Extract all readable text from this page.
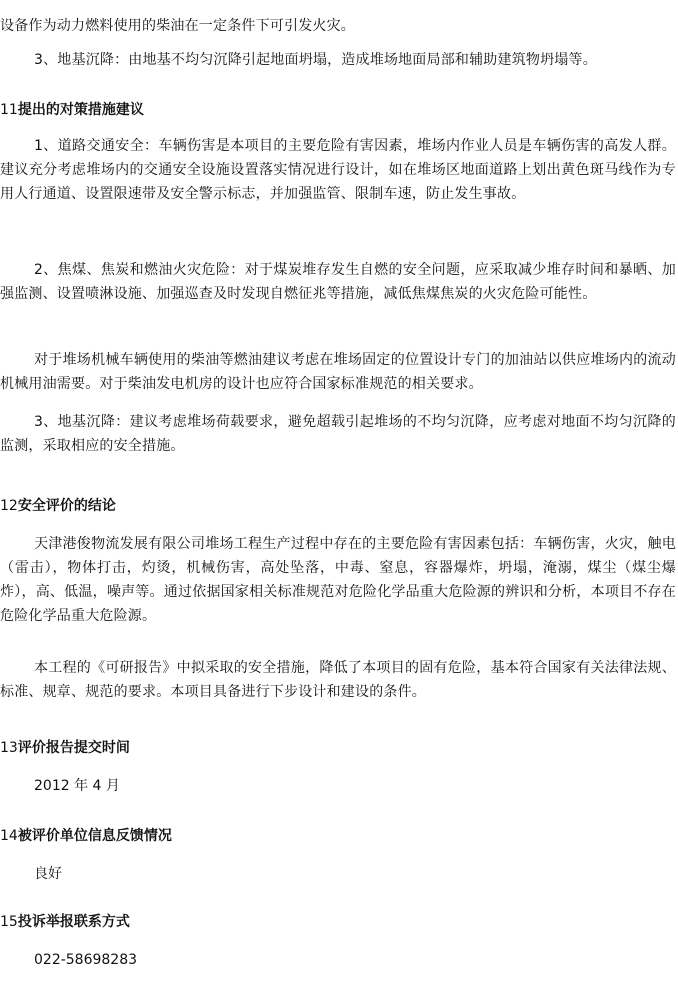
设备作为动力燃料使用的柴油在一定条件下可引发火灾。

3、地基沉降：由地基不均匀沉降引起地面坍塌，造成堆场地面局部和辅助建筑物坍塌等。

11提出的对策措施建议

1、道路交通安全：车辆伤害是本项目的主要危险有害因素，堆场内作业人员是车辆伤害的高发人群。建议充分考虑堆场内的交通安全设施设置落实情况进行设计，如在堆场区地面道路上划出黄色斑马线作为专用人行通道、设置限速带及安全警示标志，并加强监管、限制车速，防止发生事故。

2、焦煤、焦炭和燃油火灾危险：对于煤炭堆存发生自燃的安全问题，应采取减少堆存时间和暴晒、加强监测、设置喷淋设施、加强巡查及时发现自燃征兆等措施，减低焦煤焦炭的火灾危险可能性。

对于堆场机械车辆使用的柴油等燃油建议考虑在堆场固定的位置设计专门的加油站以供应堆场内的流动机械用油需要。对于柴油发电机房的设计也应符合国家标准规范的相关要求。

3、地基沉降：建议考虑堆场荷载要求，避免超载引起堆场的不均匀沉降，应考虑对地面不均匀沉降的监测，采取相应的安全措施。

12安全评价的结论

天津港俊物流发展有限公司堆场工程生产过程中存在的主要危险有害因素包括：车辆伤害，火灾，触电（雷击），物体打击，灼烫，机械伤害，高处坠落，中毒、窒息，容器爆炸，坍塌，淹溺，煤尘（煤尘爆炸），高、低温，噪声等。通过依据国家相关标准规范对危险化学品重大危险源的辨识和分析，本项目不存在危险化学品重大危险源。

本工程的《可研报告》中拟采取的安全措施，降低了本项目的固有危险，基本符合国家有关法律法规、标准、规章、规范的要求。本项目具备进行下步设计和建设的条件。

13评价报告提交时间

2012 年 4 月

14被评价单位信息反馈情况

良好

15投诉举报联系方式

022-58698283
